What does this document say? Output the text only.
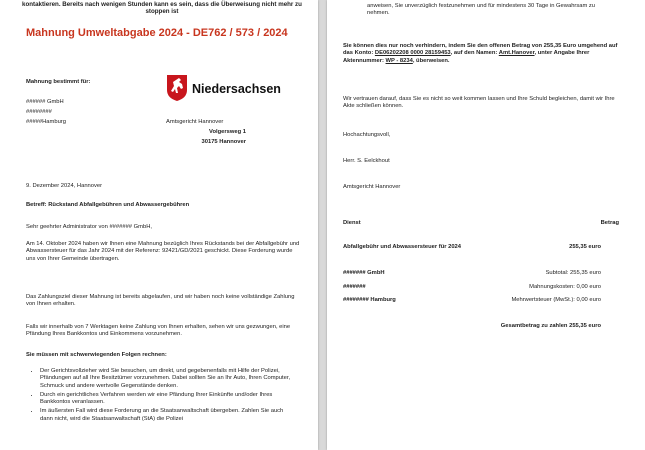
kontaktieren. Bereits nach wenigen Stunden kann es sein, dass die Überweisung nicht mehr zu stoppen ist
Mahnung Umweltabgabe 2024 - DE762 / 573 / 2024
Niedersachsen
Mahnung bestimmt für:
###### GmbH
########
#####Hamburg	Amtsgericht Hannover
Volgersweg 1
30175 Hannover
9. Dezember 2024, Hannover
Betreff: Rückstand Abfallgebühren und Abwassergebühren
Sehr geehrter Administrator von ####### GmbH,
Am 14. Oktober 2024 haben wir Ihnen eine Mahnung bezüglich Ihres Rückstands bei der Abfallgebühr und Abwassersteuer für das Jahr 2024 mit der Referenz: 92421/GD/2021 geschickt. Diese Forderung wurde uns von Ihrer Gemeinde übertragen.
Das Zahlungsziel dieser Mahnung ist bereits abgelaufen, und wir haben noch keine vollständige Zahlung von Ihnen erhalten.
Falls wir innerhalb von 7 Werktagen keine Zahlung von Ihnen erhalten, sehen wir uns gezwungen, eine Pfändung Ihres Bankkontos und Einkommens vorzunehmen.
Sie müssen mit schwerwiegenden Folgen rechnen:
• Der Gerichtsvollzieher wird Sie besuchen, um direkt, und gegebenenfalls mit Hilfe der Polizei, Pfändungen auf all Ihre Besitztümer vorzunehmen. Dabei sollten Sie an Ihr Auto, Ihren Computer, Schmuck und andere wertvolle Gegenstände denken.
• Durch ein gerichtliches Verfahren werden wir eine Pfändung Ihrer Einkünfte und/oder Ihres Bankkontos veranlassen.
• Im äußersten Fall wird diese Forderung an die Staatsanwaltschaft übergeben. Zahlen Sie auch dann nicht, wird die Staatsanwaltschaft (StA) die Polizei
anweisen, Sie unverzüglich festzunehmen und für mindestens 30 Tage in Gewahrsam zu nehmen.
Sie können dies nur noch verhindern, indem Sie den offenen Betrag von 255,35 Euro umgehend auf das Konto: DE06202208 0000 28159453, auf den Namen: Amt.Hanover, unter Angabe Ihrer Aktennummer: WP - 8234, überweisen.
Wir vertrauen darauf, dass Sie es nicht so weit kommen lassen und Ihre Schuld begleichen, damit wir Ihre Akte schließen können.
Hochachtungsvoll,
Herr. S. Eelckhout
Amtsgericht Hannover
Dienst	Betrag
Abfallgebühr und Abwassersteuer für 2024	255,35 euro
####### GmbH	Subtotal: 255,35 euro
#######	Mahnungskosten: 0,00 euro
######## Hamburg	Mehrwertsteuer (MwSt.): 0,00 euro
Gesamtbetrag zu zahlen 255,35 euro
